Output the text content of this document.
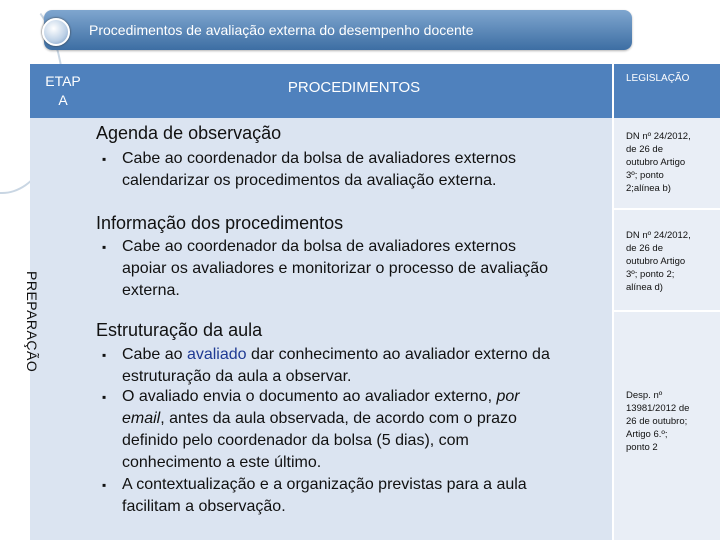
Procedimentos de avaliação externa do desempenho docente
ETAP
A
PROCEDIMENTOS
LEGISLAÇÃO
PREPARAÇÃO
Agenda de observação
▪ Cabe ao coordenador da bolsa de avaliadores externos
calendarizar os procedimentos da avaliação externa.
DN nº 24/2012,
de 26 de
outubro Artigo
3º; ponto
2;alínea b)
Informação dos procedimentos
▪ Cabe ao coordenador da bolsa de avaliadores externos
apoiar os avaliadores e monitorizar o processo de avaliação
externa.
DN nº 24/2012,
de 26 de
outubro Artigo
3º; ponto 2;
alínea d)
Estruturação da aula
▪ Cabe ao avaliado dar conhecimento ao avaliador externo da
estruturação da aula a observar.
▪ O avaliado envia o documento ao avaliador externo, por
email, antes da aula observada, de acordo com o prazo
definido pelo coordenador da bolsa (5 dias), com
conhecimento a este último.
▪ A contextualização e a organização previstas para a aula
facilitam a observação.
Desp. nº
13981/2012 de
26 de outubro;
Artigo 6.º;
ponto 2
